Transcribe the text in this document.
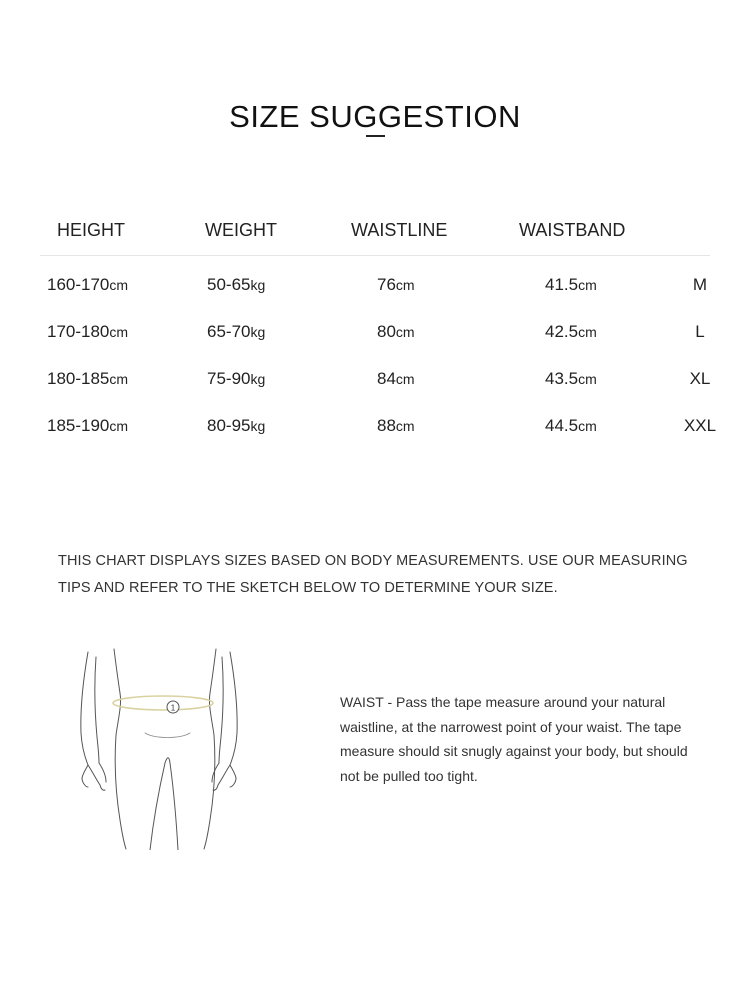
SIZE SUGGESTION
HEIGHT	WEIGHT	WAISTLINE	WAISTBAND
160-170cm	50-65kg	76cm	41.5cm	M
170-180cm	65-70kg	80cm	42.5cm	L
180-185cm	75-90kg	84cm	43.5cm	XL
185-190cm	80-95kg	88cm	44.5cm	XXL

THIS CHART DISPLAYS SIZES BASED ON BODY MEASUREMENTS. USE OUR MEASURING TIPS AND REFER TO THE SKETCH BELOW TO DETERMINE YOUR SIZE.

1	WAIST - Pass the tape measure around your natural waistline, at the narrowest point of your waist. The tape measure should sit snugly against your body, but should not be pulled too tight.
